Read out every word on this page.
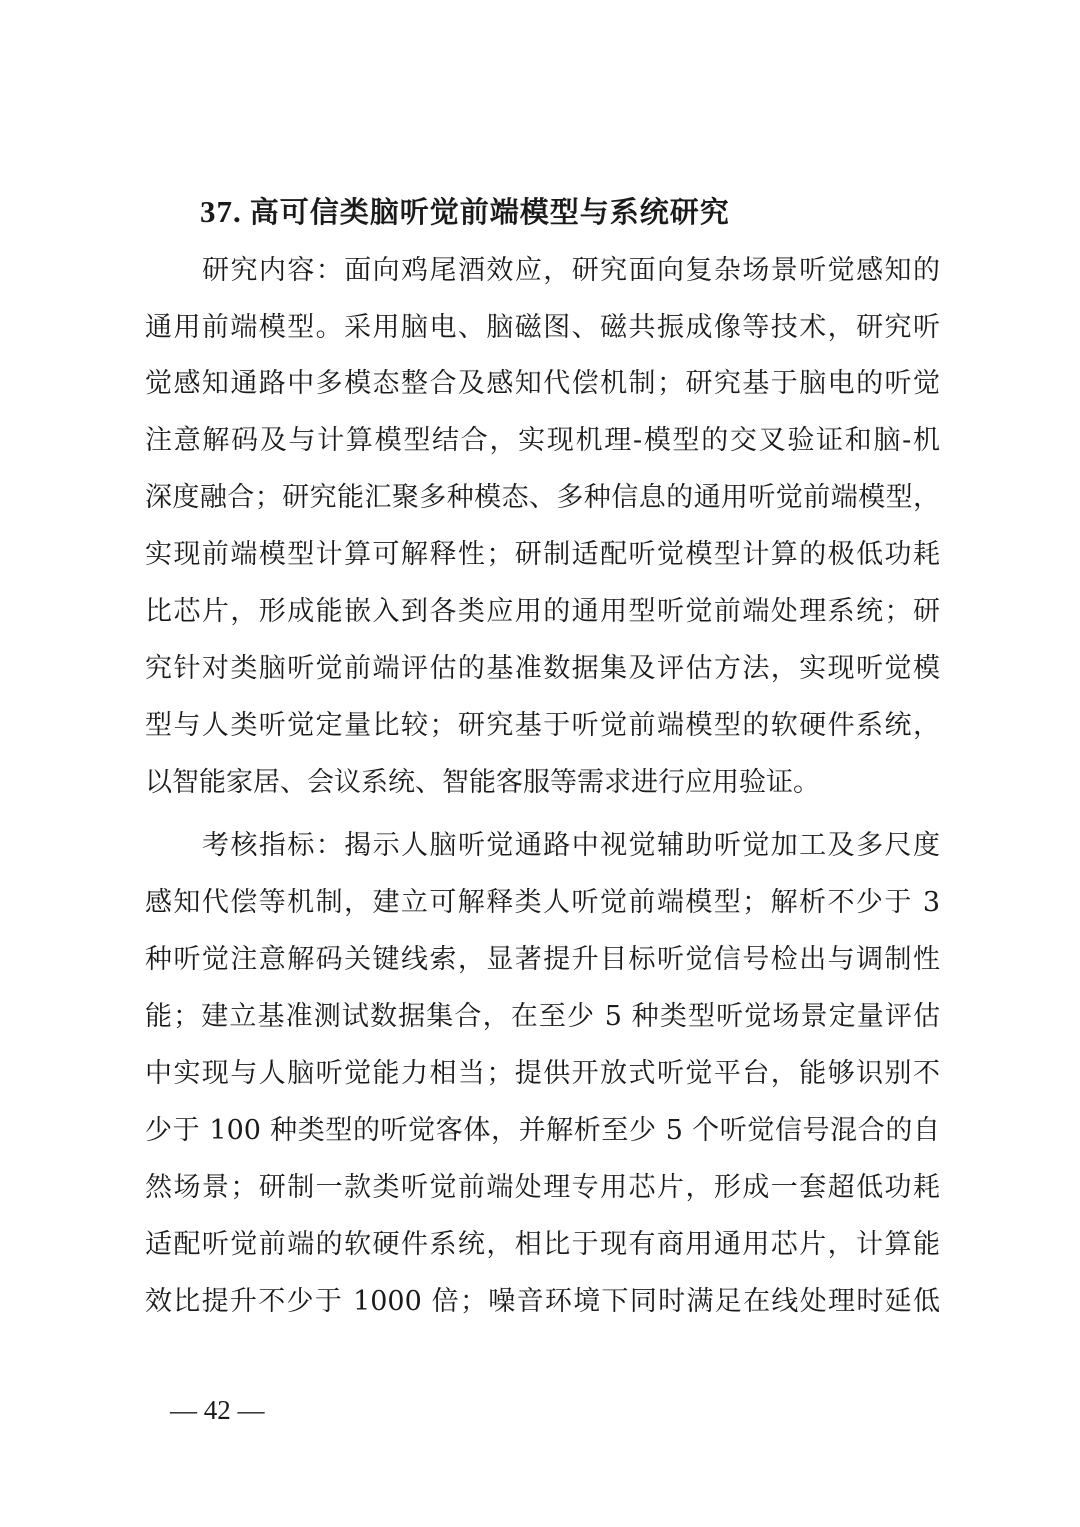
37. 高可信类脑听觉前端模型与系统研究
研究内容：面向鸡尾酒效应，研究面向复杂场景听觉感知的
通用前端模型。采用脑电、脑磁图、磁共振成像等技术，研究听
觉感知通路中多模态整合及感知代偿机制；研究基于脑电的听觉
注意解码及与计算模型结合，实现机理-模型的交叉验证和脑-机
深度融合；研究能汇聚多种模态、多种信息的通用听觉前端模型，
实现前端模型计算可解释性；研制适配听觉模型计算的极低功耗
比芯片，形成能嵌入到各类应用的通用型听觉前端处理系统；研
究针对类脑听觉前端评估的基准数据集及评估方法，实现听觉模
型与人类听觉定量比较；研究基于听觉前端模型的软硬件系统，
以智能家居、会议系统、智能客服等需求进行应用验证。
考核指标：揭示人脑听觉通路中视觉辅助听觉加工及多尺度
感知代偿等机制，建立可解释类人听觉前端模型；解析不少于 3
种听觉注意解码关键线索，显著提升目标听觉信号检出与调制性
能；建立基准测试数据集合，在至少 5 种类型听觉场景定量评估
中实现与人脑听觉能力相当；提供开放式听觉平台，能够识别不
少于 100 种类型的听觉客体，并解析至少 5 个听觉信号混合的自
然场景；研制一款类听觉前端处理专用芯片，形成一套超低功耗
适配听觉前端的软硬件系统，相比于现有商用通用芯片，计算能
效比提升不少于 1000 倍；噪音环境下同时满足在线处理时延低
— 42 —
